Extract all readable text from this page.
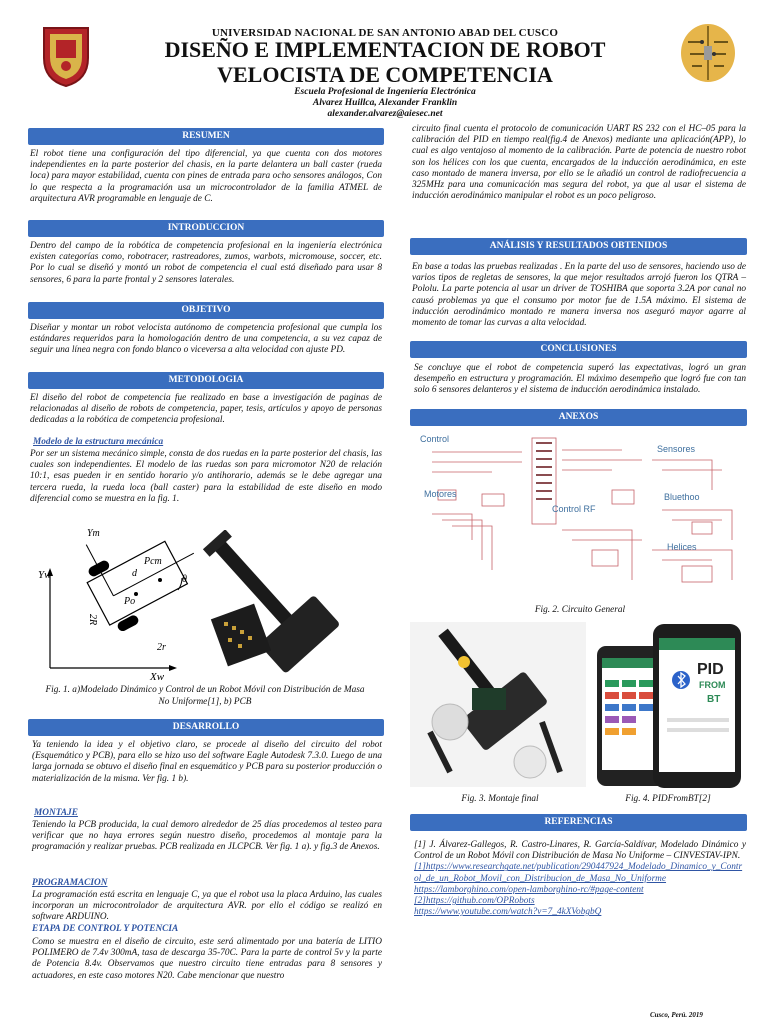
UNIVERSIDAD NACIONAL DE SAN ANTONIO ABAD DEL CUSCO
DISEÑO E IMPLEMENTACION DE ROBOT
VELOCISTA DE COMPETENCIA
Escuela Profesional de Ingeniería Electrónica
Alvarez Huillca, Alexander Franklin
alexander.alvarez@aiesec.net
RESUMEN
El robot tiene una configuración del tipo diferencial, ya que cuenta con dos motores independientes en la parte posterior del chasis, en la parte delantera un ball caster (rueda loca) para mayor estabilidad, cuenta con pines de entrada para ocho sensores análogos, Con lo que respecta a la programación usa un microcontrolador de la familia ATMEL de arquitectura AVR programable en lenguaje de C.
INTRODUCCION
Dentro del campo de la robótica de competencia profesional en la ingeniería electrónica existen categorías como, robotracer, rastreadores, zumos, warbots, micromouse, soccer, etc. Por lo cual se diseñó y montó un robot de competencia el cual está diseñado para usar 8 sensores, 6 para la parte frontal y 2 sensores laterales.
OBJETIVO
Diseñar y montar un robot velocista autónomo de competencia profesional que cumpla los estándares requeridos para la homologación dentro de una competencia, a su vez capaz de seguir una línea negra con fondo blanco o viceversa a alta velocidad con ajuste PD.
METODOLOGIA
El diseño del robot de competencia fue realizado en base a investigación de paginas de relacionadas al diseño de robots de competencia, paper, tesis, artículos y apoyo de personas dedicadas a la robótica de competencia profesional.
Modelo de la estructura mecánica
Por ser un sistema mecánico simple, consta de dos ruedas en la parte posterior del chasis, las cuales son independientes. El modelo de las ruedas son para micromotor N20 de relación 10:1, esas pueden ir en sentido horario y/o antihorario, además se le debe agregar una tercera rueda, la rueda loca (ball caster) para la estabilidad de este diseño en modo diferencial como se muestra en la fig. 1.
Yw
Xw
Ym
Pcm
Po
d
θ
2R
2r
Fig. 1. a)Modelado Dinámico y Control de un Robot Móvil con Distribución de Masa No Uniforme[1], b) PCB
DESARROLLO
Ya teniendo la idea y el objetivo claro, se procede al diseño del circuito del robot (Esquemático y PCB), para ello se hizo uso del software Eagle Autodesk 7.3.0. Luego de una larga jornada se obtuvo el diseño final en esquemático y PCB para su posterior producción o materialización de la misma. Ver fig. 1 b).
MONTAJE
Teniendo la PCB producida, la cual demoro alrededor de 25 días procedemos al testeo para verificar que no haya errores según nuestro diseño, procedemos al montaje para la programación y realizar pruebas. PCB realizada en JLCPCB. Ver fig. 1 a). y fig.3 de Anexos.
PROGRAMACION
La programación está escrita en lenguaje C, ya que el robot usa la placa Arduino, las cuales incorporan un microcontrolador de arquitectura AVR. por ello el código se realizó en software ARDUINO.
ETAPA DE CONTROL Y POTENCIA
Como se muestra en el diseño de circuito, este será alimentado por una batería de LITIO POLIMERO de 7.4v 300mA, tasa de descarga 35-70C. Para la parte de control 5v y la parte de Potencia 8.4v. Observamos que nuestro circuito tiene entradas para 8 sensores y actuadores, en este caso motores N20. Cabe mencionar que nuestro
circuito final cuenta el protocolo de comunicación UART RS 232 con el HC–05 para la calibración del PID en tiempo real(fig.4 de Anexos) mediante una aplicación(APP), lo cual es algo ventajoso al momento de la calibración. Parte de potencia de nuestro robot son los hélices con los que cuenta, encargados de la inducción aerodinámica, en este caso montado de manera inversa, por ello se le añadió un control de radiofrecuencia a 325MHz para una comunicación mas segura del robot, ya que al usar el sistema de inducción aerodinámico manipular el robot es un poco peligroso.
ANÁLISIS Y RESULTADOS OBTENIDOS
En base a todas las pruebas realizadas . En la parte del uso de sensores, haciendo uso de varios tipos de regletas de sensores, la que mejor resultados arrojó fueron los QTRA – Pololu. La parte potencia al usar un driver de TOSHIBA que soporta 3.2A por canal no causó problemas ya que el consumo por motor fue de 1.5A máximo. El sistema de inducción aerodinámico montado re manera inversa nos aseguró mayor agarre al momento de tomar las curvas a alta velocidad.
CONCLUSIONES
Se concluye que el robot de competencia superó las expectativas, logró un gran desempeño en estructura y programación. El máximo desempeño que logró fue con tan solo 6 sensores delanteros y el sistema de inducción aerodinámica instalado.
ANEXOS
Control
Sensores
Motores
Control RF
Bluethoo
Helices
Fig. 2. Circuito General
Fig. 3. Montaje final
PID
FROM
BT
Fig. 4. PIDFromBT[2]
REFERENCIAS
[1] J. Álvarez-Gallegos, R. Castro-Linares, R. García-Saldívar, Modelado Dinámico y Control de un Robot Móvil con Distribución de Masa No Uniforme – CINVESTAV-IPN.
[1]https://www.researchgate.net/publication/290447924_Modelado_Dinamico_y_Control_de_un_Robot_Movil_con_Distribucion_de_Masa_No_Uniforme
https://lamborghino.com/open-lamborghino-rc/#page-content
[2]https://github.com/OPRobots
https://www.youtube.com/watch?v=7_4kXVobgbQ
Cusco, Perú. 2019
